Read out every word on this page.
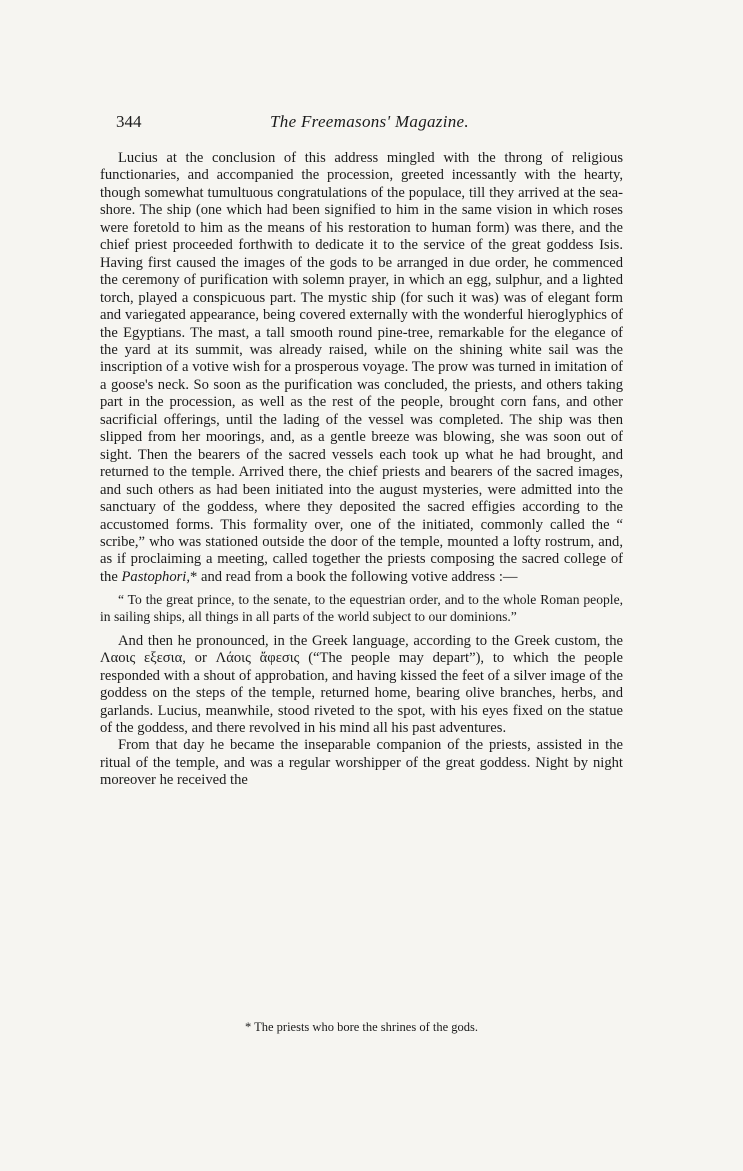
344	The Freemasons' Magazine.

Lucius at the conclusion of this address mingled with the throng of religious functionaries, and accompanied the procession, greeted incessantly with the hearty, though somewhat tumultuous congratulations of the populace, till they arrived at the sea-shore. The ship (one which had been signified to him in the same vision in which roses were foretold to him as the means of his restoration to human form) was there, and the chief priest proceeded forthwith to dedicate it to the service of the great goddess Isis. Having first caused the images of the gods to be arranged in due order, he commenced the ceremony of purification with solemn prayer, in which an egg, sulphur, and a lighted torch, played a conspicuous part. The mystic ship (for such it was) was of elegant form and variegated appearance, being covered externally with the wonderful hieroglyphics of the Egyptians. The mast, a tall smooth round pine-tree, remarkable for the elegance of the yard at its summit, was already raised, while on the shining white sail was the inscription of a votive wish for a prosperous voyage. The prow was turned in imitation of a goose's neck. So soon as the purification was concluded, the priests, and others taking part in the procession, as well as the rest of the people, brought corn fans, and other sacrificial offerings, until the lading of the vessel was completed. The ship was then slipped from her moorings, and, as a gentle breeze was blowing, she was soon out of sight. Then the bearers of the sacred vessels each took up what he had brought, and returned to the temple. Arrived there, the chief priests and bearers of the sacred images, and such others as had been initiated into the august mysteries, were admitted into the sanctuary of the goddess, where they deposited the sacred effigies according to the accustomed forms. This formality over, one of the initiated, commonly called the “ scribe,” who was stationed outside the door of the temple, mounted a lofty rostrum, and, as if proclaiming a meeting, called together the priests composing the sacred college of the Pastophori,* and read from a book the following votive address :—

“ To the great prince, to the senate, to the equestrian order, and to the whole Roman people, in sailing ships, all things in all parts of the world subject to our dominions.”

And then he pronounced, in the Greek language, according to the Greek custom, the Λαοις εξεσια, or Λάοις ἄφεσις (“The people may depart”), to which the people responded with a shout of approbation, and having kissed the feet of a silver image of the goddess on the steps of the temple, returned home, bearing olive branches, herbs, and garlands. Lucius, meanwhile, stood riveted to the spot, with his eyes fixed on the statue of the goddess, and there revolved in his mind all his past adventures.

From that day he became the inseparable companion of the priests, assisted in the ritual of the temple, and was a regular worshipper of the great goddess. Night by night moreover he received the

* The priests who bore the shrines of the gods.
